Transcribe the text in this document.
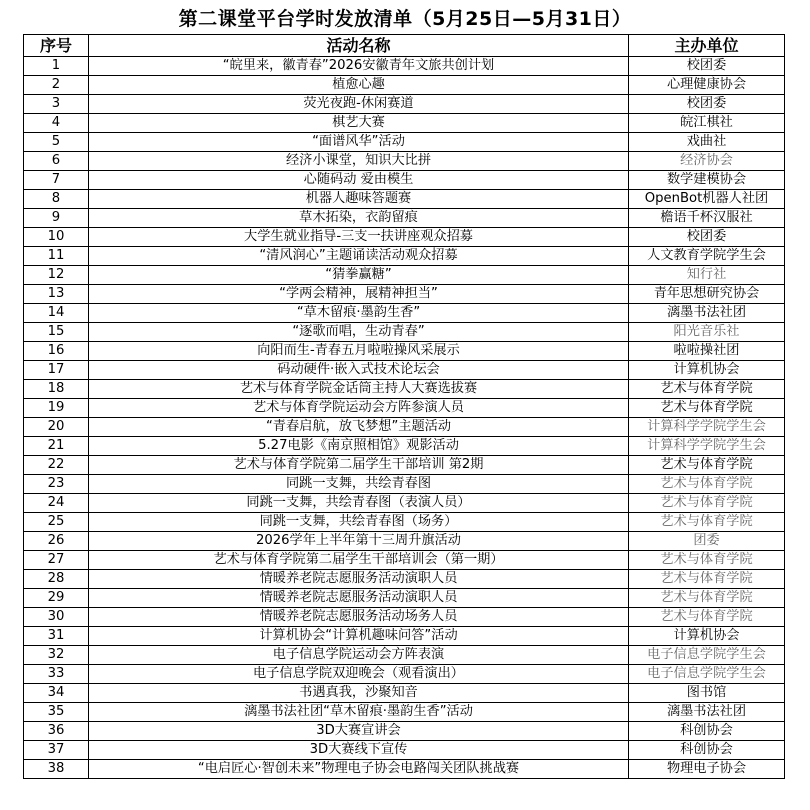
第二课堂平台学时发放清单（5月25日—5月31日）
序号	活动名称	主办单位
1	“皖里来，徽青春”2026安徽青年文旅共创计划	校团委
2	植愈心趣	心理健康协会
3	荧光夜跑-休闲赛道	校团委
4	棋艺大赛	皖江棋社
5	“面谱风华”活动	戏曲社
6	经济小课堂，知识大比拼	经济协会
7	心随码动 爱由模生	数学建模协会
8	机器人趣味答题赛	OpenBot机器人社团
9	草木拓染，衣韵留痕	檐语千杯汉服社
10	大学生就业指导-三支一扶讲座观众招募	校团委
11	“清风润心”主题诵读活动观众招募	人文教育学院学生会
12	“猜拳赢糖”	知行社
13	“学两会精神，展精神担当”	青年思想研究协会
14	“草木留痕·墨韵生香”	漓墨书法社团
15	“逐歌而唱，生动青春”	阳光音乐社
16	向阳而生-青春五月啦啦操风采展示	啦啦操社团
17	码动硬件·嵌入式技术论坛会	计算机协会
18	艺术与体育学院金话筒主持人大赛选拔赛	艺术与体育学院
19	艺术与体育学院运动会方阵参演人员	艺术与体育学院
20	“青春启航，放飞梦想”主题活动	计算科学学院学生会
21	5.27电影《南京照相馆》观影活动	计算科学学院学生会
22	艺术与体育学院第二届学生干部培训 第2期	艺术与体育学院
23	同跳一支舞，共绘青春图	艺术与体育学院
24	同跳一支舞，共绘青春图（表演人员）	艺术与体育学院
25	同跳一支舞，共绘青春图（场务）	艺术与体育学院
26	2026学年上半年第十三周升旗活动	团委
27	艺术与体育学院第二届学生干部培训会（第一期）	艺术与体育学院
28	情暖养老院志愿服务活动演职人员	艺术与体育学院
29	情暖养老院志愿服务活动演职人员	艺术与体育学院
30	情暖养老院志愿服务活动场务人员	艺术与体育学院
31	计算机协会“计算机趣味问答”活动	计算机协会
32	电子信息学院运动会方阵表演	电子信息学院学生会
33	电子信息学院双迎晚会（观看演出）	电子信息学院学生会
34	书遇真我，沙聚知音	图书馆
35	漓墨书法社团“草木留痕·墨韵生香”活动	漓墨书法社团
36	3D大赛宣讲会	科创协会
37	3D大赛线下宣传	科创协会
38	“电启匠心·智创未来”物理电子协会电路闯关团队挑战赛	物理电子协会
